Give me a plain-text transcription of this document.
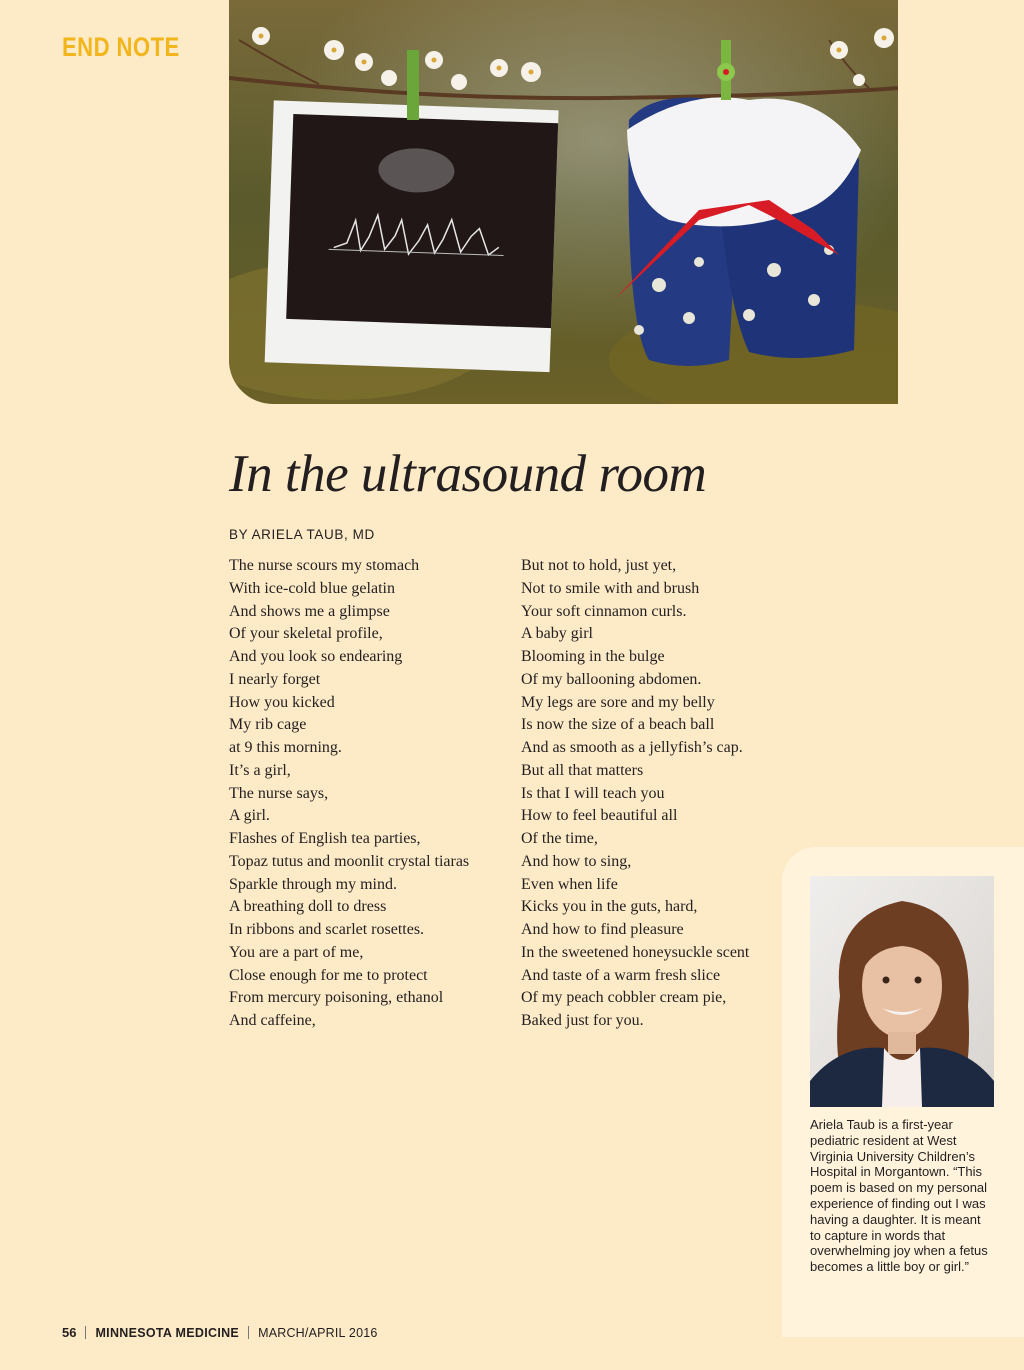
END NOTE
In the ultrasound room
BY ARIELA TAUB, MD
The nurse scours my stomach
With ice-cold blue gelatin
And shows me a glimpse
Of your skeletal profile,
And you look so endearing
I nearly forget
How you kicked
My rib cage
at 9 this morning.
It’s a girl,
The nurse says,
A girl.
Flashes of English tea parties,
Topaz tutus and moonlit crystal tiaras
Sparkle through my mind.
A breathing doll to dress
In ribbons and scarlet rosettes.
You are a part of me,
Close enough for me to protect
From mercury poisoning, ethanol
And caffeine,
But not to hold, just yet,
Not to smile with and brush
Your soft cinnamon curls.
A baby girl
Blooming in the bulge
Of my ballooning abdomen.
My legs are sore and my belly
Is now the size of a beach ball
And as smooth as a jellyfish’s cap.
But all that matters
Is that I will teach you
How to feel beautiful all
Of the time,
And how to sing,
Even when life
Kicks you in the guts, hard,
And how to find pleasure
In the sweetened honeysuckle scent
And taste of a warm fresh slice
Of my peach cobbler cream pie,
Baked just for you.

Ariela Taub is a first-year pediatric resident at West Virginia University Children’s Hospital in Morgantown. “This poem is based on my personal experience of finding out I was having a daughter. It is meant to capture in words that overwhelming joy when a fetus becomes a little boy or girl.”

56 MINNESOTA MEDICINE MARCH/APRIL 2016
